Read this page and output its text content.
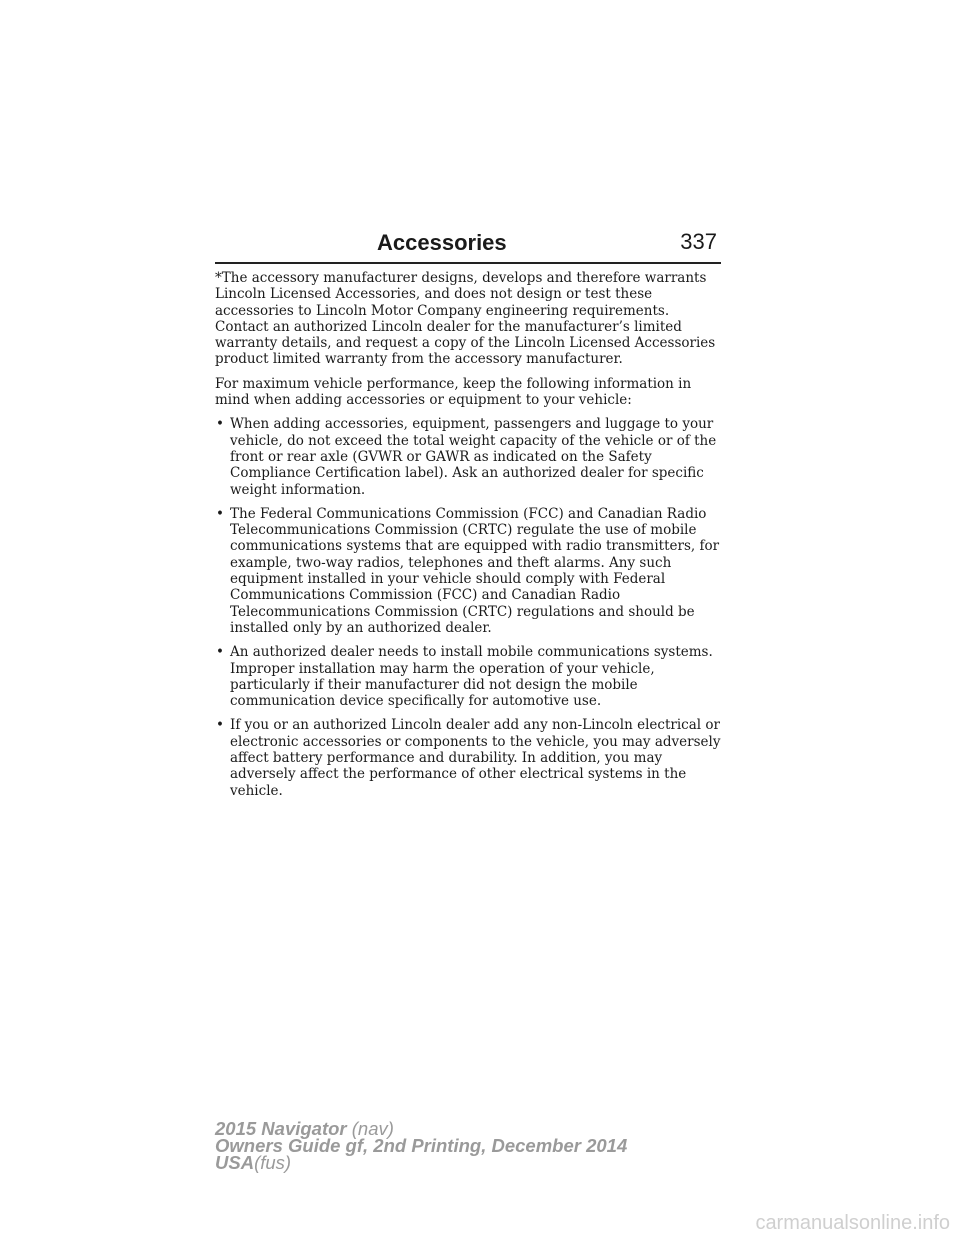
Accessories	337

*The accessory manufacturer designs, develops and therefore warrants Lincoln Licensed Accessories, and does not design or test these accessories to Lincoln Motor Company engineering requirements. Contact an authorized Lincoln dealer for the manufacturer’s limited warranty details, and request a copy of the Lincoln Licensed Accessories product limited warranty from the accessory manufacturer.

For maximum vehicle performance, keep the following information in mind when adding accessories or equipment to your vehicle:

• When adding accessories, equipment, passengers and luggage to your vehicle, do not exceed the total weight capacity of the vehicle or of the front or rear axle (GVWR or GAWR as indicated on the Safety Compliance Certification label). Ask an authorized dealer for specific weight information.
• The Federal Communications Commission (FCC) and Canadian Radio Telecommunications Commission (CRTC) regulate the use of mobile communications systems that are equipped with radio transmitters, for example, two-way radios, telephones and theft alarms. Any such equipment installed in your vehicle should comply with Federal Communications Commission (FCC) and Canadian Radio Telecommunications Commission (CRTC) regulations and should be installed only by an authorized dealer.
• An authorized dealer needs to install mobile communications systems. Improper installation may harm the operation of your vehicle, particularly if their manufacturer did not design the mobile communication device specifically for automotive use.
• If you or an authorized Lincoln dealer add any non-Lincoln electrical or electronic accessories or components to the vehicle, you may adversely affect battery performance and durability. In addition, you may adversely affect the performance of other electrical systems in the vehicle.
2015 Navigator (nav)
Owners Guide gf, 2nd Printing, December 2014
USA(fus)
carmanualsonline.info
